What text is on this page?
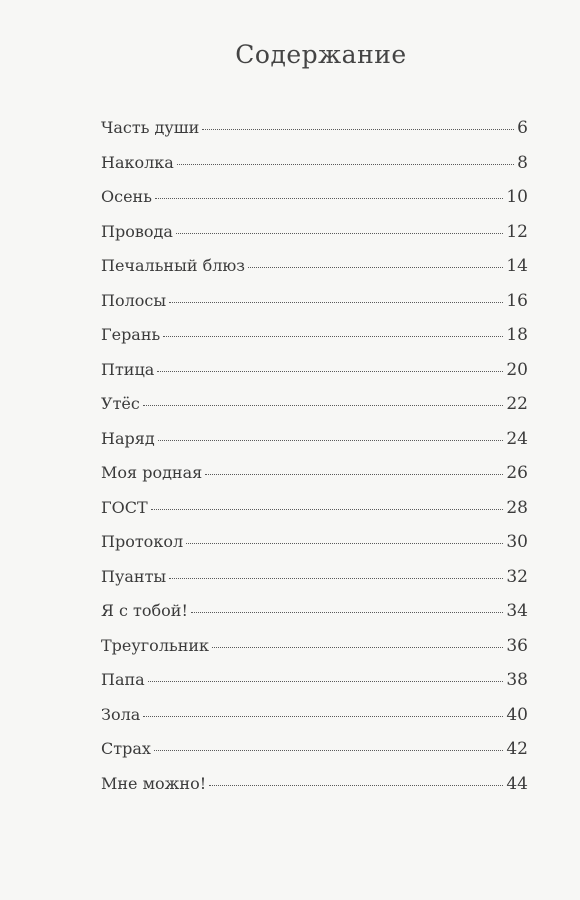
Содержание
Часть души	6
Наколка	8
Осень	10
Провода	12
Печальный блюз	14
Полосы	16
Герань	18
Птица	20
Утёс	22
Наряд	24
Моя родная	26
ГОСТ	28
Протокол	30
Пуанты	32
Я с тобой!	34
Треугольник	36
Папа	38
Зола	40
Страх	42
Мне можно!	44
